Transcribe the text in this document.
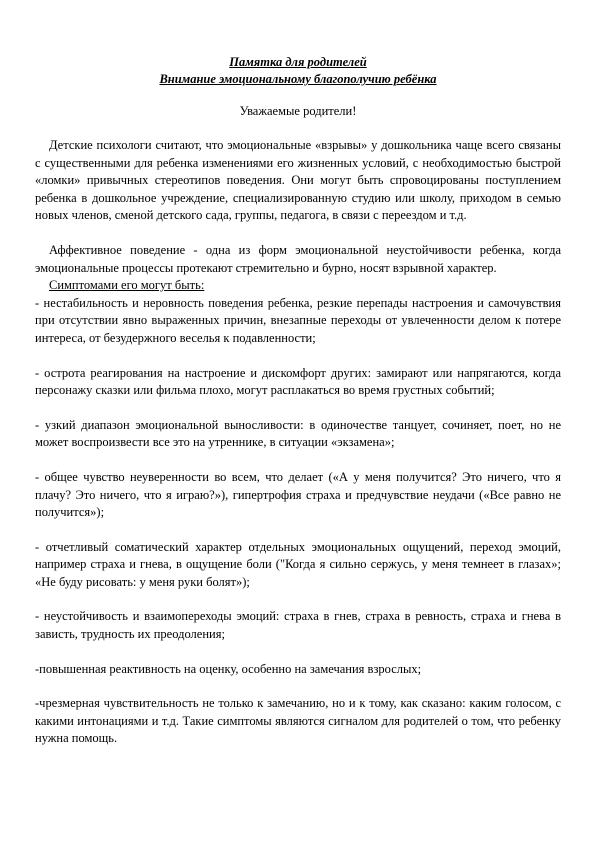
Памятка для родителей

Внимание эмоциональному благополучию ребёнка

Уважаемые родители!

Детские психологи считают, что эмоциональные «взрывы» у дошкольника чаще всего связаны с существенными для ребенка изменениями его жизненных условий, с необходимостью быстрой «ломки» привычных стереотипов поведения. Они могут быть спровоцированы поступлением ребенка в дошкольное учреждение, специализированную студию или школу, приходом в семью новых членов, сменой детского сада, группы, педагога, в связи с переездом и т.д.

Аффективное поведение - одна из форм эмоциональной неустойчивости ребенка, когда эмоциональные процессы протекают стремительно и бурно, носят взрывной характер.

Симптомами его могут быть:

- нестабильность и неровность поведения ребенка, резкие перепады настроения и самочувствия при отсутствии явно выраженных причин, внезапные переходы от увлеченности делом к потере интереса, от безудержного веселья к подавленности;

- острота реагирования на настроение и дискомфорт других: замирают или напрягаются, когда персонажу сказки или фильма плохо, могут расплакаться во время грустных событий;

- узкий диапазон эмоциональной выносливости: в одиночестве танцует, сочиняет, поет, но не может воспроизвести все это на утреннике, в ситуации «экзамена»;

- общее чувство неуверенности во всем, что делает («А у меня получится? Это ничего, что я плачу? Это ничего, что я играю?»), гипертрофия страха и предчувствие неудачи («Все равно не получится»);

- отчетливый соматический характер отдельных эмоциональных ощущений, переход эмоций, например страха и гнева, в ощущение боли ("Когда я сильно сержусь, у меня темнеет в глазах»; «Не буду рисовать: у меня руки болят»);

- неустойчивость и взаимопереходы эмоций: страха в гнев, страха в ревность, страха и гнева в зависть, трудность их преодоления;

-повышенная реактивность на оценку, особенно на замечания взрослых;

-чрезмерная чувствительность не только к замечанию, но и к тому, как сказано: каким голосом, с какими интонациями и т.д. Такие симптомы являются сигналом для родителей о том, что ребенку нужна помощь.
